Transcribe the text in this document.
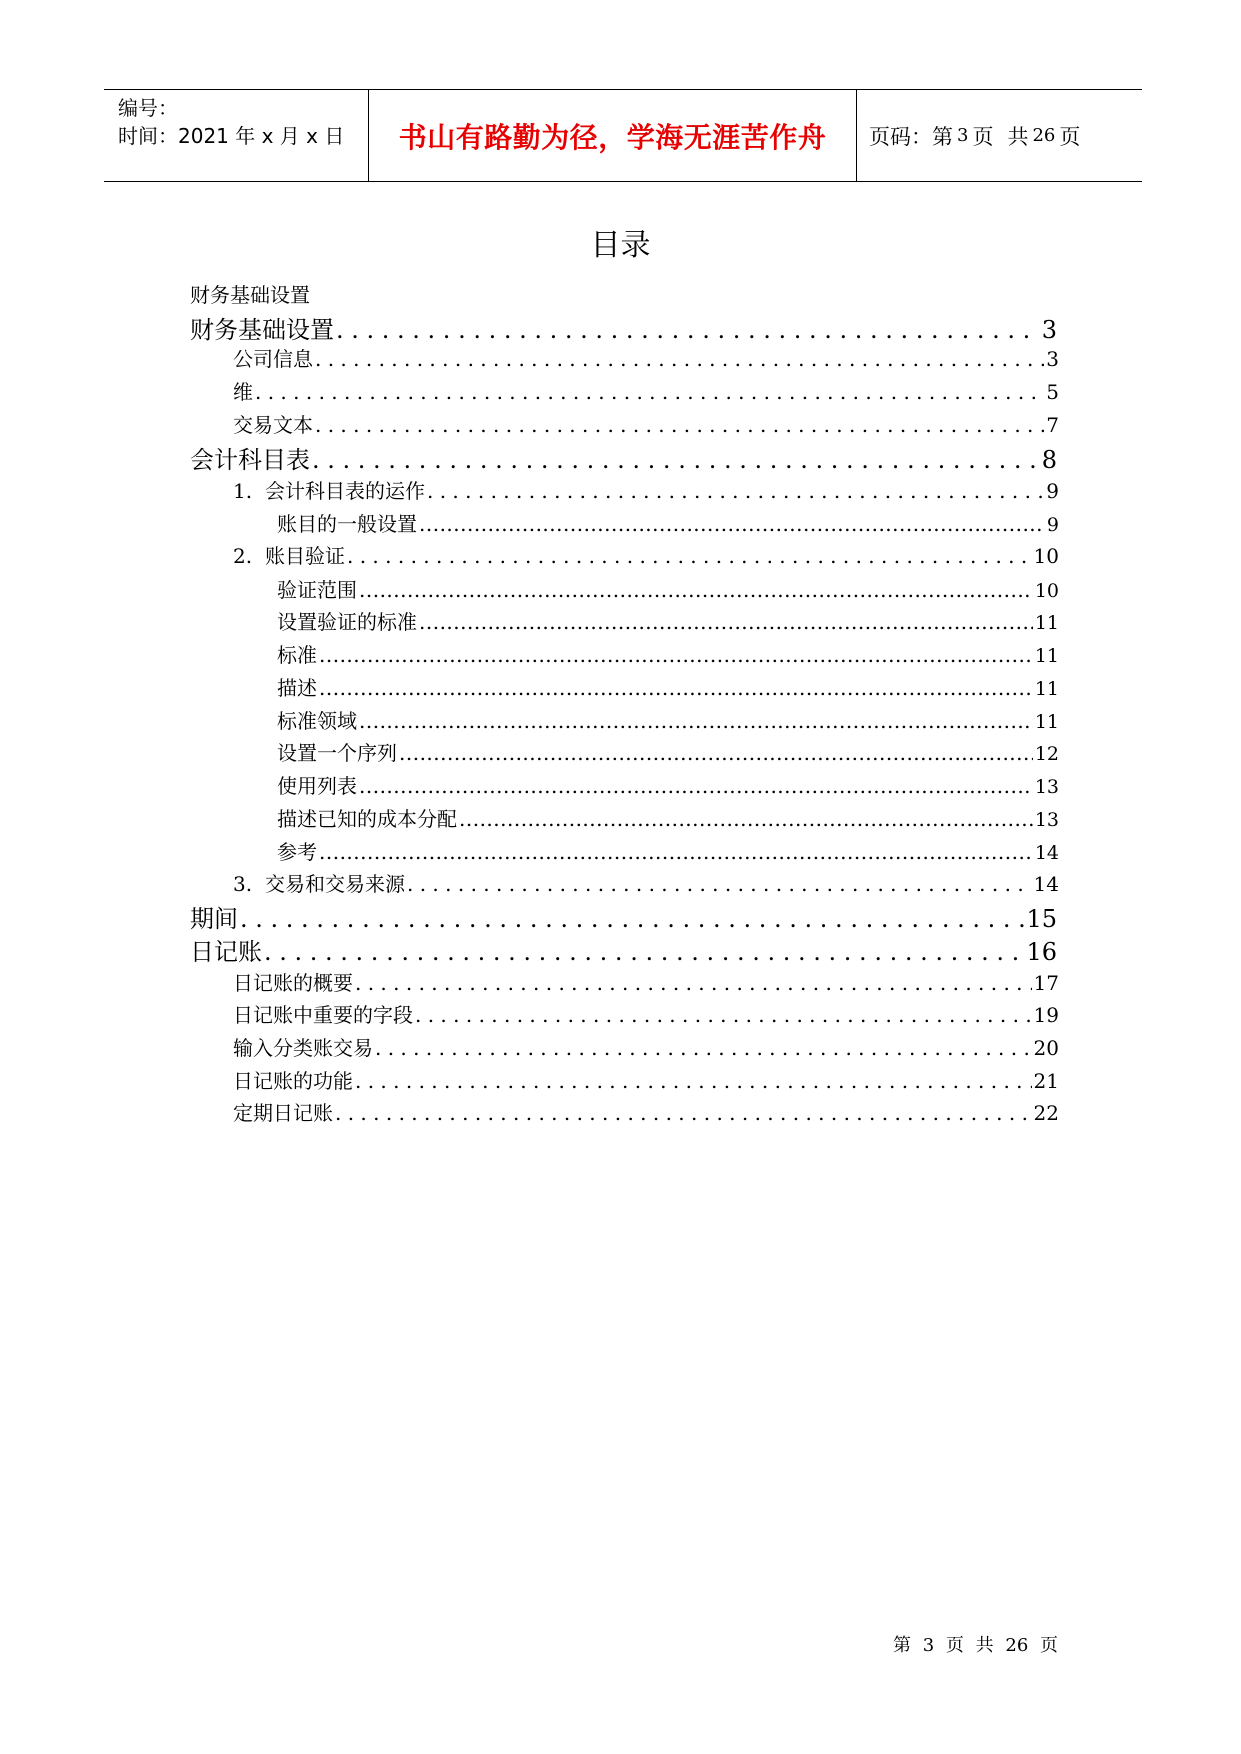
编号：
时间：2021 年 x 月 x 日	书山有路勤为径，学海无涯苦作舟	页码：第 3 页 共 26 页
目录
财务基础设置
财务基础设置 . . .	3
公司信息 . . .	3
维 . . .	5
交易文本 . . .	7
会计科目表 . . .	8
1. 会计科目表的运作 . . .	9
账目的一般设置 .....	9
2. 账目验证 . . .	10
验证范围 .....	10
设置验证的标准 .....	11
标准 .....	11
描述 .....	11
标准领域 .....	11
设置一个序列 .....	12
使用列表 .....	13
描述已知的成本分配 .....	13
参考 .....	14
3. 交易和交易来源 . . .	14
期间 . . .	15
日记账 . . .	16
日记账的概要 . . .	17
日记账中重要的字段 . . .	19
输入分类账交易 . . .	20
日记账的功能 . . .	21
定期日记账 . . .	22
第 3 页 共 26 页
